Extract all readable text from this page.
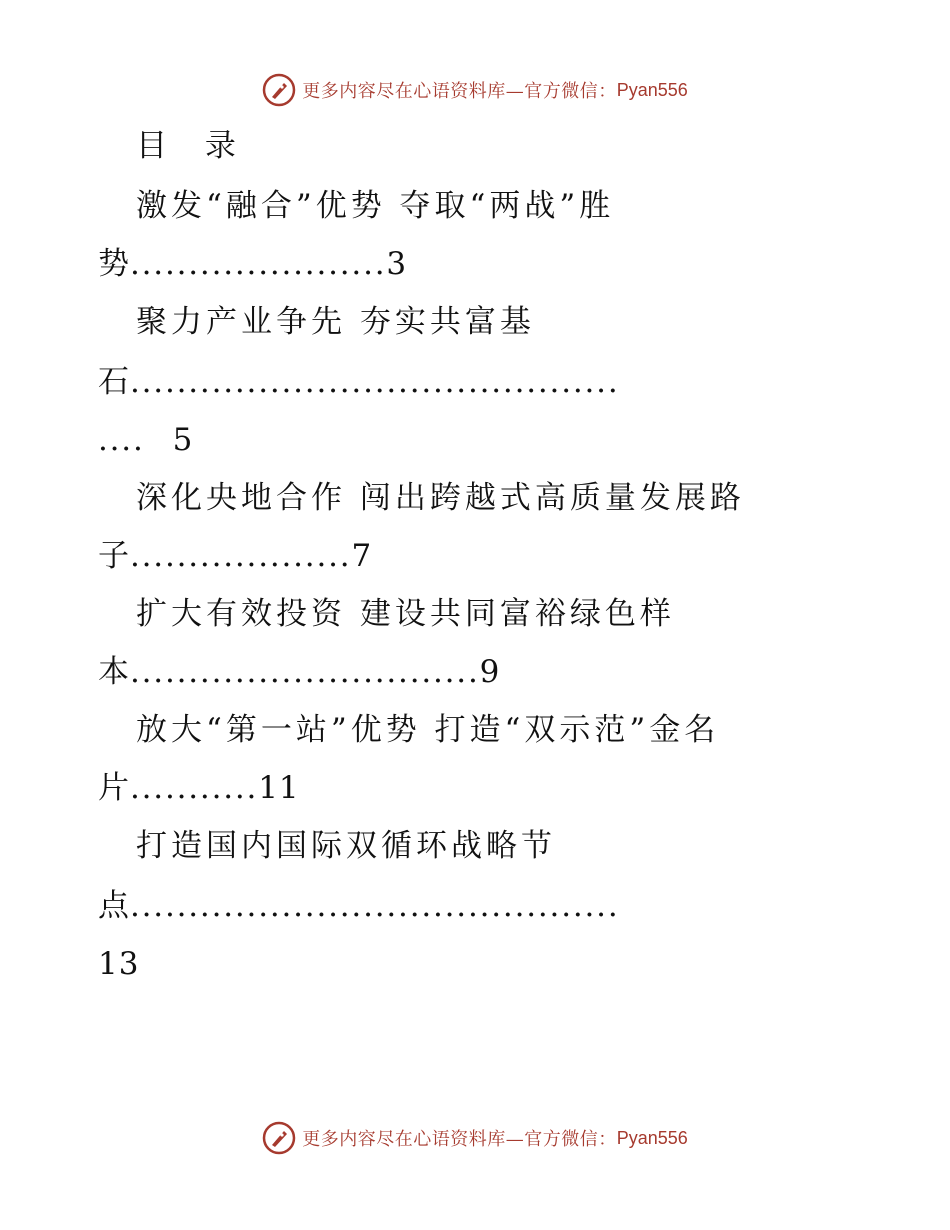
更多内容尽在心语资料库—官方微信： Pyan556
目 录
激发“融合”优势 夺取“两战”胜
势......................3
聚力产业争先 夯实共富基
石..........................................
.... 5
深化央地合作 闯出跨越式高质量发展路
子...................7
扩大有效投资 建设共同富裕绿色样
本..............................9
放大“第一站”优势 打造“双示范”金名
片...........11
打造国内国际双循环战略节
点..........................................
13
更多内容尽在心语资料库—官方微信： Pyan556
